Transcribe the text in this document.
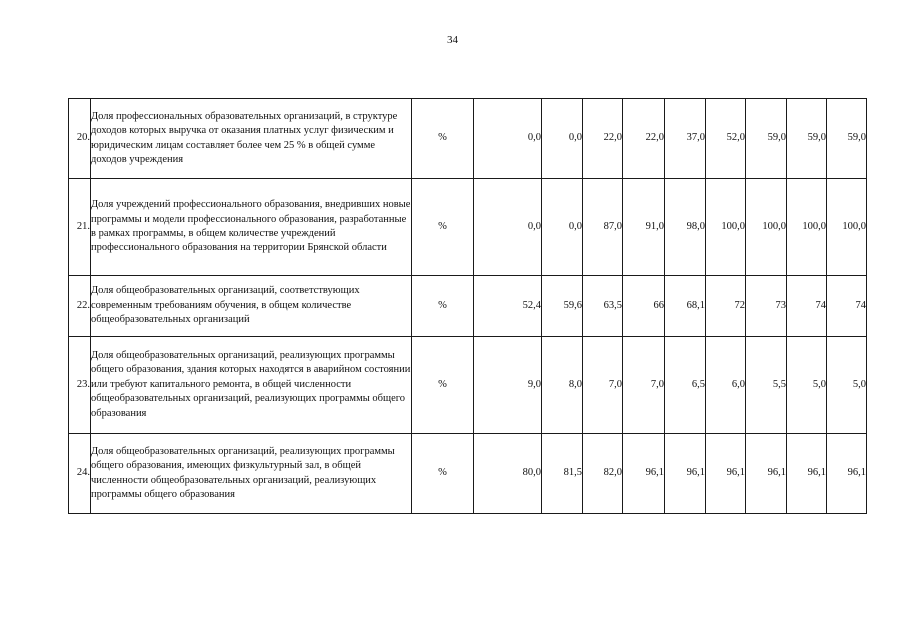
34
20.	Доля профессиональных образовательных организаций, в структуре доходов которых выручка от оказания платных услуг физическим и юридическим лицам составляет более чем 25 % в общей сумме доходов учреждения	%	0,0	0,0	22,0	22,0	37,0	52,0	59,0	59,0	59,0
21.	Доля учреждений профессионального образования, внедривших новые программы и модели профессионального образования, разработанные в рамках программы, в общем количестве учреждений профессионального образования на территории Брянской области	%	0,0	0,0	87,0	91,0	98,0	100,0	100,0	100,0	100,0
22.	Доля общеобразовательных организаций, соответствующих современным требованиям обучения, в общем количестве общеобразовательных организаций	%	52,4	59,6	63,5	66	68,1	72	73	74	74
23.	Доля общеобразовательных организаций, реализующих программы общего образования, здания которых находятся в аварийном состоянии или требуют капитального ремонта, в общей численности общеобразовательных организаций, реализующих программы общего образования	%	9,0	8,0	7,0	7,0	6,5	6,0	5,5	5,0	5,0
24.	Доля общеобразовательных организаций, реализующих программы общего образования, имеющих физкультурный зал, в общей численности общеобразовательных организаций, реализующих программы общего образования	%	80,0	81,5	82,0	96,1	96,1	96,1	96,1	96,1	96,1
